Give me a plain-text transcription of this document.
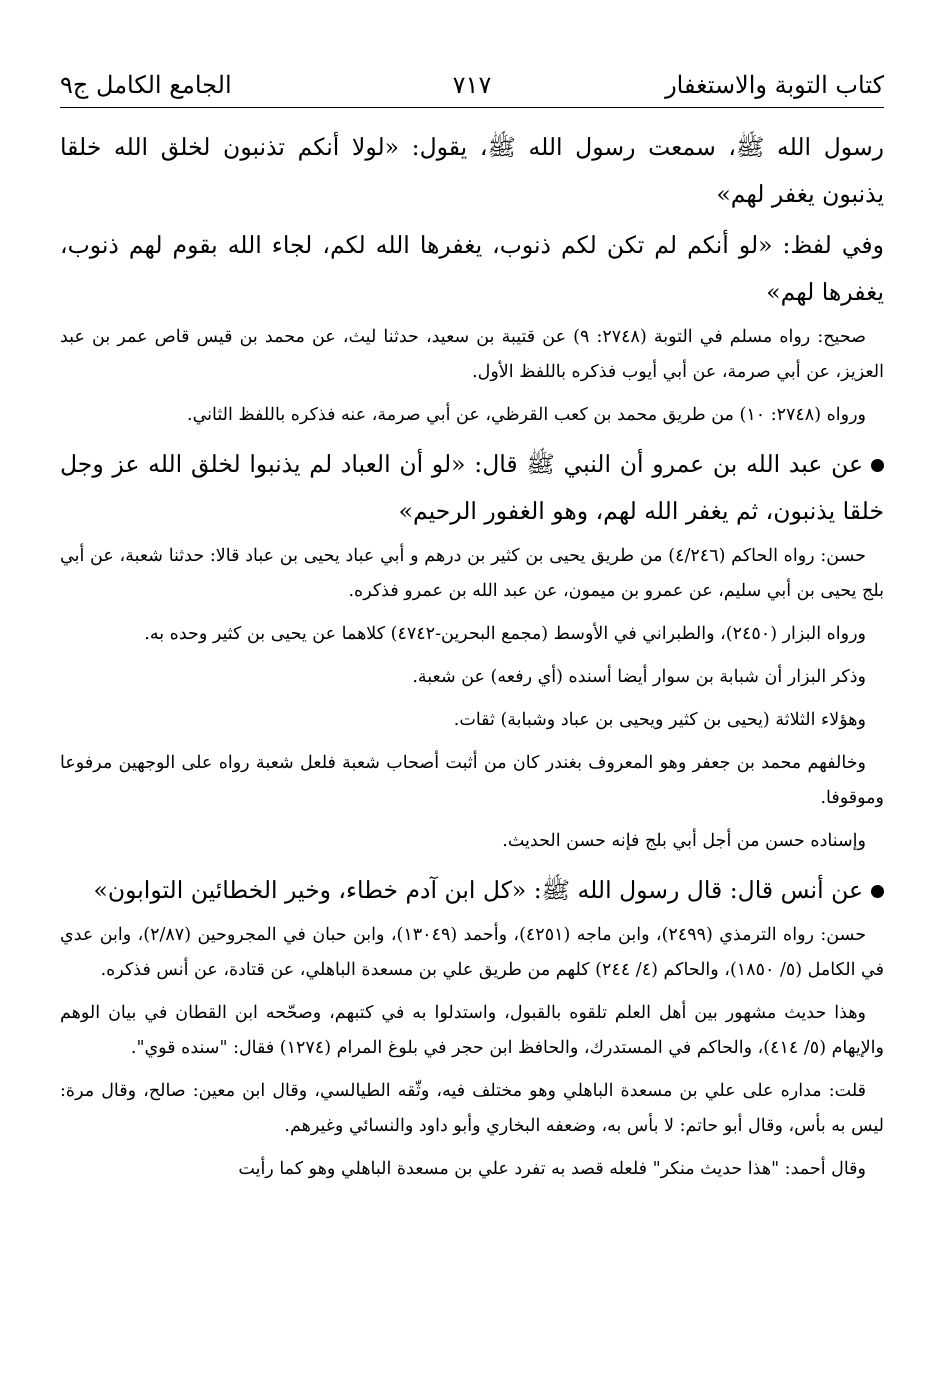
كتاب التوبة والاستغفار
٧١٧
الجامع الكامل ج٩

رسول الله ﷺ، سمعت رسول الله ﷺ، يقول: «لولا أنكم تذنبون لخلق الله خلقا يذنبون يغفر لهم»

وفي لفظ: «لو أنكم لم تكن لكم ذنوب، يغفرها الله لكم، لجاء الله بقوم لهم ذنوب، يغفرها لهم»

صحيح: رواه مسلم في التوبة (٢٧٤٨: ٩) عن قتيبة بن سعيد، حدثنا ليث، عن محمد بن قيس قاص عمر بن عبد العزيز، عن أبي صرمة، عن أبي أيوب فذكره باللفظ الأول.

ورواه (٢٧٤٨: ١٠) من طريق محمد بن كعب القرظي، عن أبي صرمة، عنه فذكره باللفظ الثاني.

عن عبد الله بن عمرو أن النبي ﷺ قال: «لو أن العباد لم يذنبوا لخلق الله عز وجل خلقا يذنبون، ثم يغفر الله لهم، وهو الغفور الرحيم»

حسن: رواه الحاكم (٤/٢٤٦) من طريق يحيى بن كثير بن درهم و أبي عباد يحيى بن عباد قالا: حدثنا شعبة، عن أبي بلج يحيى بن أبي سليم، عن عمرو بن ميمون، عن عبد الله بن عمرو فذكره.

ورواه البزار (٢٤٥٠)، والطبراني في الأوسط (مجمع البحرين-٤٧٤٢) كلاهما عن يحيى بن كثير وحده به.

وذكر البزار أن شبابة بن سوار أيضا أسنده (أي رفعه) عن شعبة.

وهؤلاء الثلاثة (يحيى بن كثير ويحيى بن عباد وشبابة) ثقات.

وخالفهم محمد بن جعفر وهو المعروف بغندر كان من أثبت أصحاب شعبة فلعل شعبة رواه على الوجهين مرفوعا وموقوفا.

وإسناده حسن من أجل أبي بلج فإنه حسن الحديث.

عن أنس قال: قال رسول الله ﷺ: «كل ابن آدم خطاء، وخير الخطائين التوابون»

حسن: رواه الترمذي (٢٤٩٩)، وابن ماجه (٤٢٥١)، وأحمد (١٣٠٤٩)، وابن حبان في المجروحين (٢/٨٧)، وابن عدي في الكامل (٥/ ١٨٥٠)، والحاكم (٤/ ٢٤٤) كلهم من طريق علي بن مسعدة الباهلي، عن قتادة، عن أنس فذكره.

وهذا حديث مشهور بين أهل العلم تلقوه بالقبول، واستدلوا به في كتبهم، وصحّحه ابن القطان في بيان الوهم والإيهام (٥/ ٤١٤)، والحاكم في المستدرك، والحافظ ابن حجر في بلوغ المرام (١٢٧٤) فقال: "سنده قوي".

قلت: مداره على علي بن مسعدة الباهلي وهو مختلف فيه، وثّقه الطيالسي، وقال ابن معين: صالح، وقال مرة: ليس به بأس، وقال أبو حاتم: لا بأس به، وضعفه البخاري وأبو داود والنسائي وغيرهم.

وقال أحمد: "هذا حديث منكر" فلعله قصد به تفرد علي بن مسعدة الباهلي وهو كما رأيت
